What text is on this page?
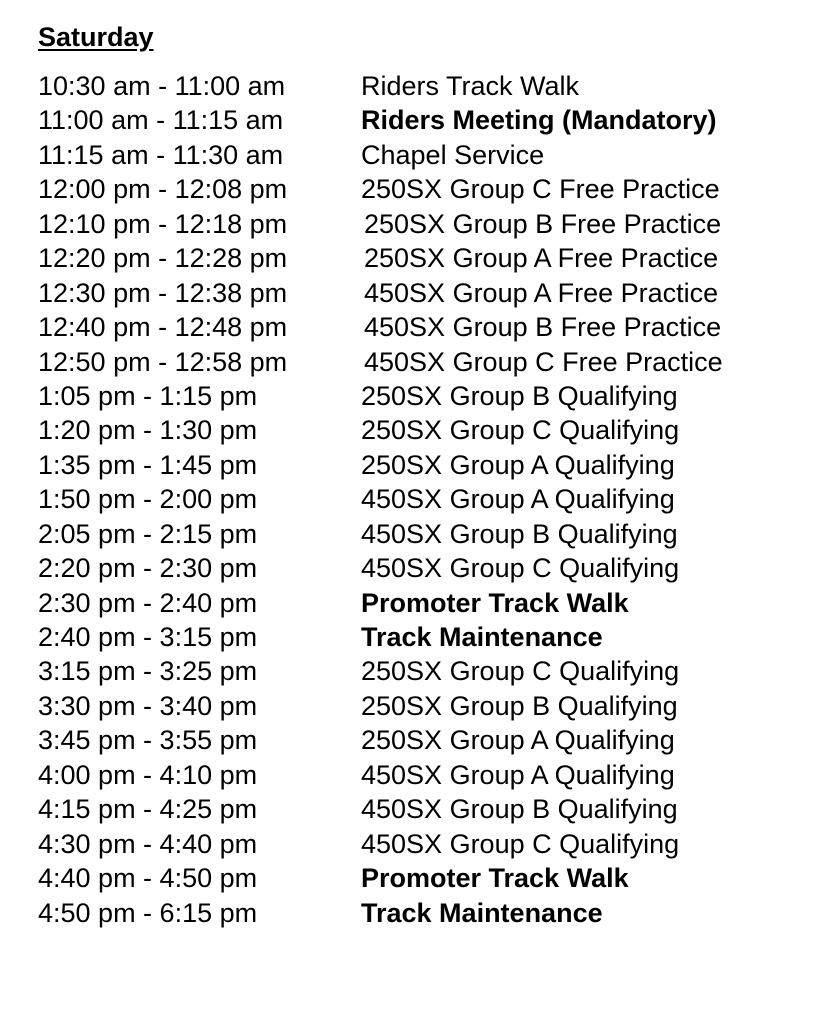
Saturday
10:30 am - 11:00 am	Riders Track Walk
11:00 am - 11:15 am	Riders Meeting (Mandatory)
11:15 am - 11:30 am	Chapel Service
12:00 pm - 12:08 pm	250SX Group C Free Practice
12:10 pm - 12:18 pm	250SX Group B Free Practice
12:20 pm - 12:28 pm	250SX Group A Free Practice
12:30 pm - 12:38 pm	450SX Group A Free Practice
12:40 pm - 12:48 pm	450SX Group B Free Practice
12:50 pm - 12:58 pm	450SX Group C Free Practice
1:05 pm - 1:15 pm	250SX Group B Qualifying
1:20 pm - 1:30 pm	250SX Group C Qualifying
1:35 pm - 1:45 pm	250SX Group A Qualifying
1:50 pm - 2:00 pm	450SX Group A Qualifying
2:05 pm - 2:15 pm	450SX Group B Qualifying
2:20 pm - 2:30 pm	450SX Group C Qualifying
2:30 pm - 2:40 pm	Promoter Track Walk
2:40 pm - 3:15 pm	Track Maintenance
3:15 pm - 3:25 pm	250SX Group C Qualifying
3:30 pm - 3:40 pm	250SX Group B Qualifying
3:45 pm - 3:55 pm	250SX Group A Qualifying
4:00 pm - 4:10 pm	450SX Group A Qualifying
4:15 pm - 4:25 pm	450SX Group B Qualifying
4:30 pm - 4:40 pm	450SX Group C Qualifying
4:40 pm - 4:50 pm	Promoter Track Walk
4:50 pm - 6:15 pm	Track Maintenance
